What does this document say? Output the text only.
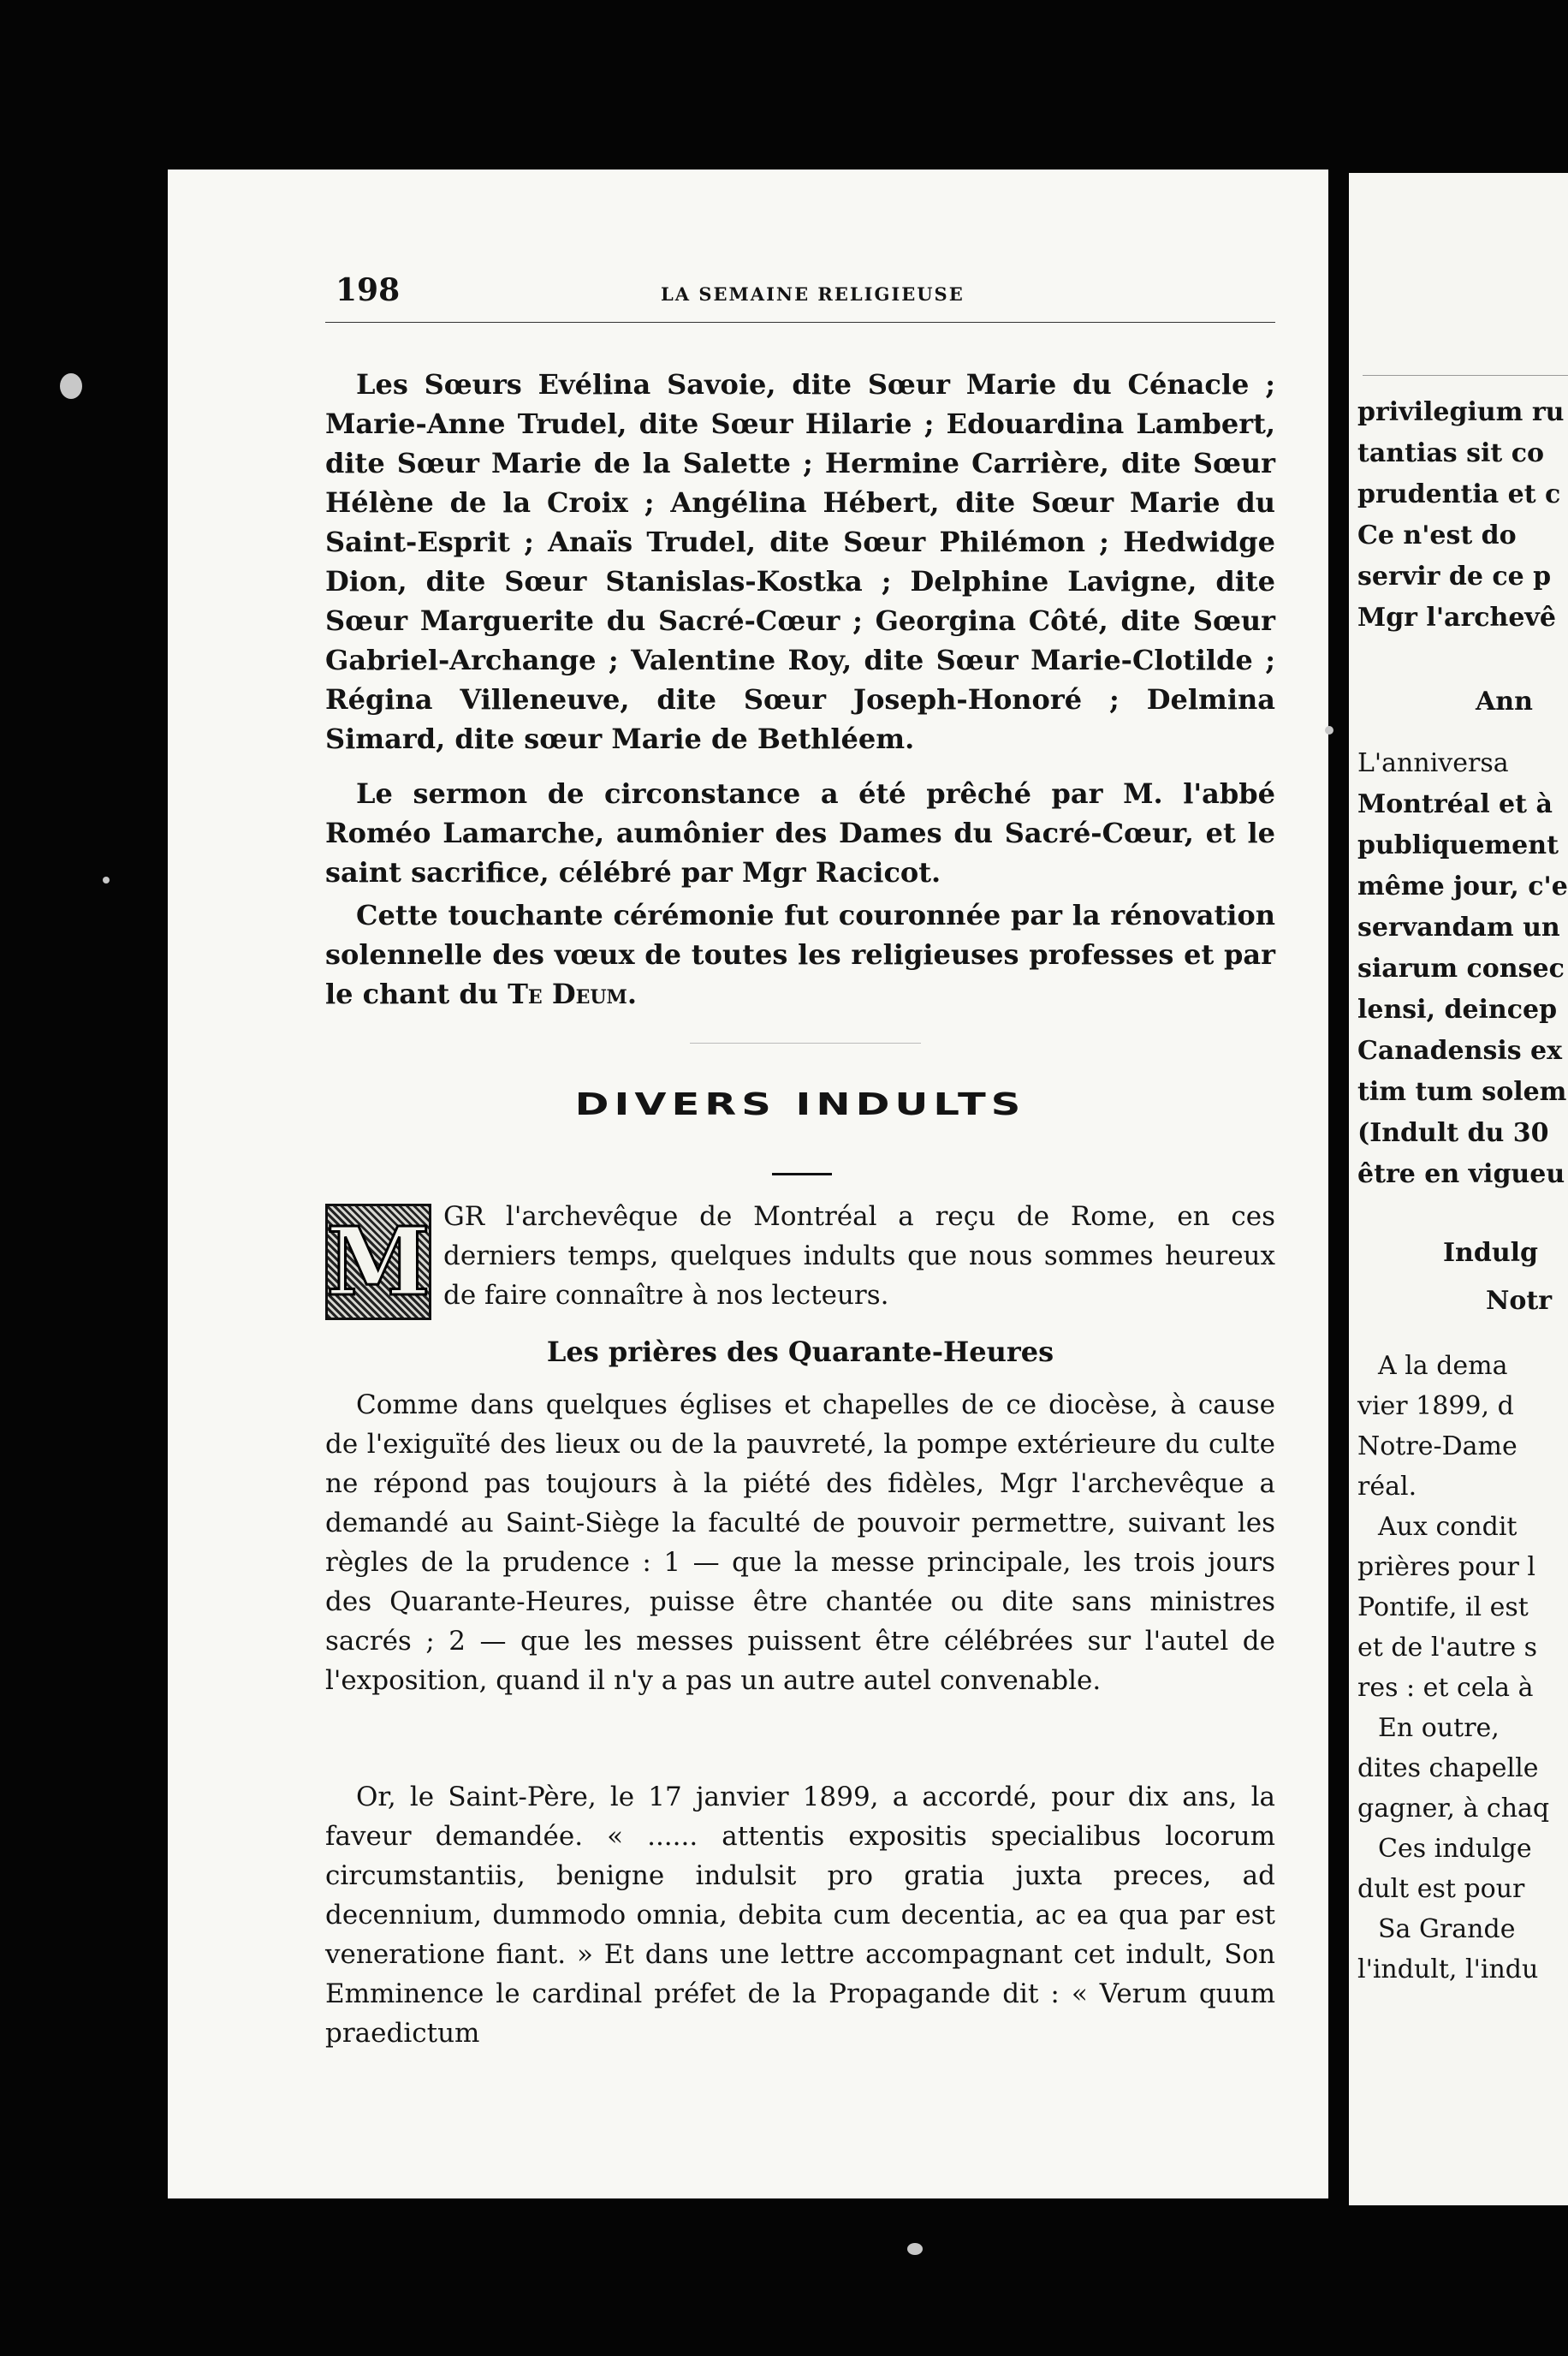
198	LA SEMAINE RELIGIEUSE

Les Sœurs Evélina Savoie, dite Sœur Marie du Cénacle ; Marie-Anne Trudel, dite Sœur Hilarie ; Edouardina Lambert, dite Sœur Marie de la Salette ; Hermine Carrière, dite Sœur Hélène de la Croix ; Angélina Hébert, dite Sœur Marie du Saint-Esprit ; Anaïs Trudel, dite Sœur Philémon ; Hedwidge Dion, dite Sœur Stanislas-Kostka ; Delphine Lavigne, dite Sœur Marguerite du Sacré-Cœur ; Georgina Côté, dite Sœur Gabriel-Archange ; Valentine Roy, dite Sœur Marie-Clotilde ; Régina Villeneuve, dite Sœur Joseph-Honoré ; Delmina Simard, dite sœur Marie de Bethléem.

Le sermon de circonstance a été prêché par M. l'abbé Roméo Lamarche, aumônier des Dames du Sacré-Cœur, et le saint sacrifice, célébré par Mgr Racicot.

Cette touchante cérémonie fut couronnée par la rénovation solennelle des vœux de toutes les religieuses professes et par le chant du Te Deum.

DIVERS INDULTS
M GR l'archevêque de Montréal a reçu de Rome, en ces derniers temps, quelques indults que nous sommes heureux de faire connaître à nos lecteurs.
Les prières des Quarante-Heures

Comme dans quelques églises et chapelles de ce diocèse, à cause de l'exiguïté des lieux ou de la pauvreté, la pompe extérieure du culte ne répond pas toujours à la piété des fidèles, Mgr l'archevêque a demandé au Saint-Siège la faculté de pouvoir permettre, suivant les règles de la prudence : 1 — que la messe principale, les trois jours des Quarante-Heures, puisse être chantée ou dite sans ministres sacrés ; 2 — que les messes puissent être célébrées sur l'autel de l'exposition, quand il n'y a pas un autre autel convenable.

Or, le Saint-Père, le 17 janvier 1899, a accordé, pour dix ans, la faveur demandée. « ...... attentis expositis specialibus locorum circumstantiis, benigne indulsit pro gratia juxta preces, ad decennium, dummodo omnia, debita cum decentia, ac ea qua par est veneratione fiant. » Et dans une lettre accompagnant cet indult, Son Emminence le cardinal préfet de la Propagande dit : « Verum quum praedictum

privilegium ru
tantias sit co
prudentia et c
Ce n'est do
servir de ce p
Mgr l'archevê
Ann
L'anniversa
Montréal et à
publiquement
même jour, c'e
servandam un
siarum consec
lensi, deincep
Canadensis ex
tim tum solem
(Indult du 30
être en vigueu
Indulg
Notr
A la dema
vier 1899, d
Notre-Dame
réal.
Aux condit
prières pour l
Pontife, il est
et de l'autre s
res : et cela à
En outre,
dites chapelle
gagner, à chaq
Ces indulge
dult est pour
Sa Grande
l'indult, l'indu
